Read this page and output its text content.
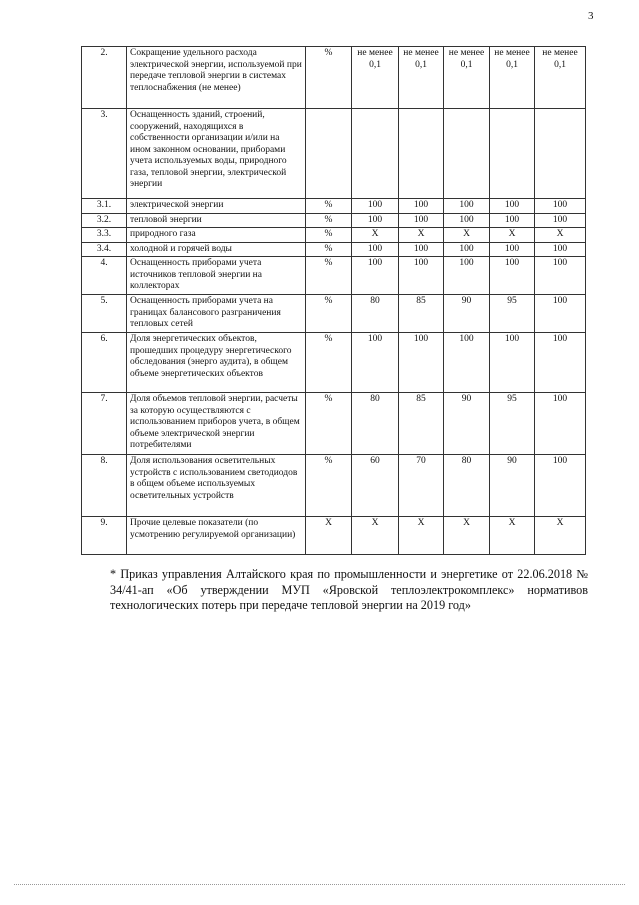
3
2.	Сокращение удельного расхода электрической энергии, используемой при передаче тепловой энергии в системах теплоснабжения (не менее)	%	не менее 0,1	не менее 0,1	не менее 0,1	не менее 0,1	не менее 0,1
3.	Оснащенность зданий, строений, сооружений, находящихся в собственности организации и/или на ином законном основании, приборами учета используемых воды, природного газа, тепловой энергии, электрической энергии						
3.1.	электрической энергии	%	100	100	100	100	100
3.2.	тепловой энергии	%	100	100	100	100	100
3.3.	природного газа	%	Х	Х	Х	Х	Х
3.4.	холодной и горячей воды	%	100	100	100	100	100
4.	Оснащенность приборами учета источников тепловой энергии на коллекторах	%	100	100	100	100	100
5.	Оснащенность приборами учета на границах балансового разграничения тепловых сетей	%	80	85	90	95	100
6.	Доля энергетических объектов, прошедших процедуру энергетического обследования (энерго аудита), в общем объеме энергетических объектов	%	100	100	100	100	100
7.	Доля объемов тепловой энергии, расчеты за которую осуществляются с использованием приборов учета, в общем объеме электрической энергии потребителями	%	80	85	90	95	100
8.	Доля использования осветительных устройств с использованием светодиодов в общем объеме используемых осветительных устройств	%	60	70	80	90	100
9.	Прочие целевые показатели (по усмотрению регулируемой организации)	Х	Х	Х	Х	Х	Х

* Приказ управления Алтайского края по промышленности и энергетике от 22.06.2018 № 34/41-ап «Об утверждении МУП «Яровской теплоэлектрокомплекс» нормативов технологических потерь при передаче тепловой энергии на 2019 год»
